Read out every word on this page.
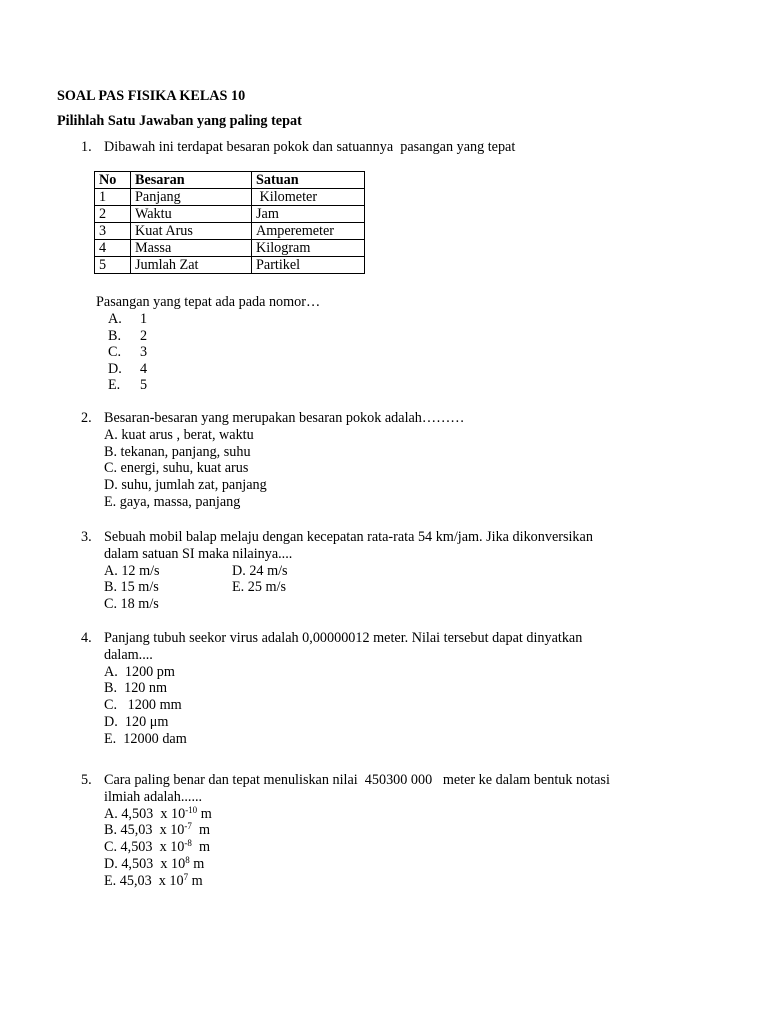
SOAL PAS FISIKA KELAS 10
Pilihlah Satu Jawaban yang paling tepat
1. Dibawah ini terdapat besaran pokok dan satuannya  pasangan yang tepat
No	Besaran	Satuan
1	Panjang	Kilometer
2	Waktu	Jam
3	Kuat Arus	Amperemeter
4	Massa	Kilogram
5	Jumlah Zat	Partikel
Pasangan yang tepat ada pada nomor…
A. 1
B. 2
C. 3
D. 4
E. 5
2. Besaran-besaran yang merupakan besaran pokok adalah………
A. kuat arus , berat, waktu
B. tekanan, panjang, suhu
C. energi, suhu, kuat arus
D. suhu, jumlah zat, panjang
E. gaya, massa, panjang
3. Sebuah mobil balap melaju dengan kecepatan rata-rata 54 km/jam. Jika dikonversikan
dalam satuan SI maka nilainya....
A. 12 m/s	D. 24 m/s
B. 15 m/s	E. 25 m/s
C. 18 m/s
4. Panjang tubuh seekor virus adalah 0,00000012 meter. Nilai tersebut dapat dinyatkan
dalam....
A.  1200 pm
B.  120 nm
C.   1200 mm
D.  120 μm
E.  12000 dam
5. Cara paling benar dan tepat menuliskan nilai  450300 000   meter ke dalam bentuk notasi
ilmiah adalah......
A. 4,503  x $10^{-10}$ m
B. 45,03  x $10^{-7}$  m
C. 4,503  x $10^{-8}$  m
D. 4,503  x $10^8$ m
E. 45,03  x $10^7$ m
